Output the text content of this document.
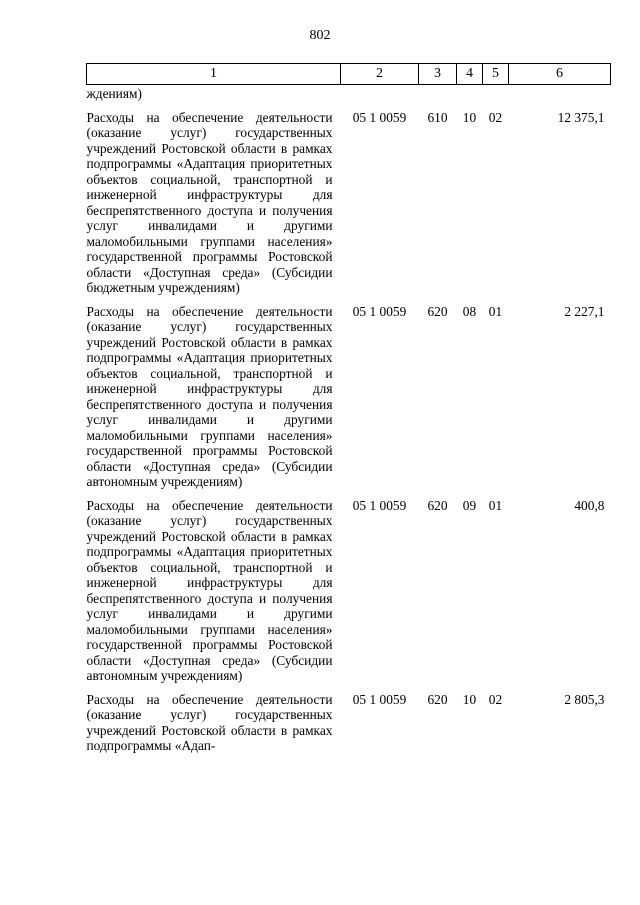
802
1	2	3	4	5	6
ждениям)					
Расходы на обеспечение деятельности (оказание услуг) государственных учреждений Ростовской области в рамках подпрограммы «Адаптация приоритетных объектов социальной, транспортной и инженерной инфраструктуры для беспрепятственного доступа и получения услуг инвалидами и другими маломобильными группами населения» государственной программы Ростовской области «Доступная среда» (Субсидии бюджетным учреждениям)	05 1 0059	610	10	02	12 375,1
Расходы на обеспечение деятельности (оказание услуг) государственных учреждений Ростовской области в рамках подпрограммы «Адаптация приоритетных объектов социальной, транспортной и инженерной инфраструктуры для беспрепятственного доступа и получения услуг инвалидами и другими маломобильными группами населения» государственной программы Ростовской области «Доступная среда» (Субсидии автономным учреждениям)	05 1 0059	620	08	01	2 227,1
Расходы на обеспечение деятельности (оказание услуг) государственных учреждений Ростовской области в рамках подпрограммы «Адаптация приоритетных объектов социальной, транспортной и инженерной инфраструктуры для беспрепятственного доступа и получения услуг инвалидами и другими маломобильными группами населения» государственной программы Ростовской области «Доступная среда» (Субсидии автономным учреждениям)	05 1 0059	620	09	01	400,8
Расходы на обеспечение деятельности (оказание услуг) государственных учреждений Ростовской области в рамках подпрограммы «Адап-	05 1 0059	620	10	02	2 805,3
